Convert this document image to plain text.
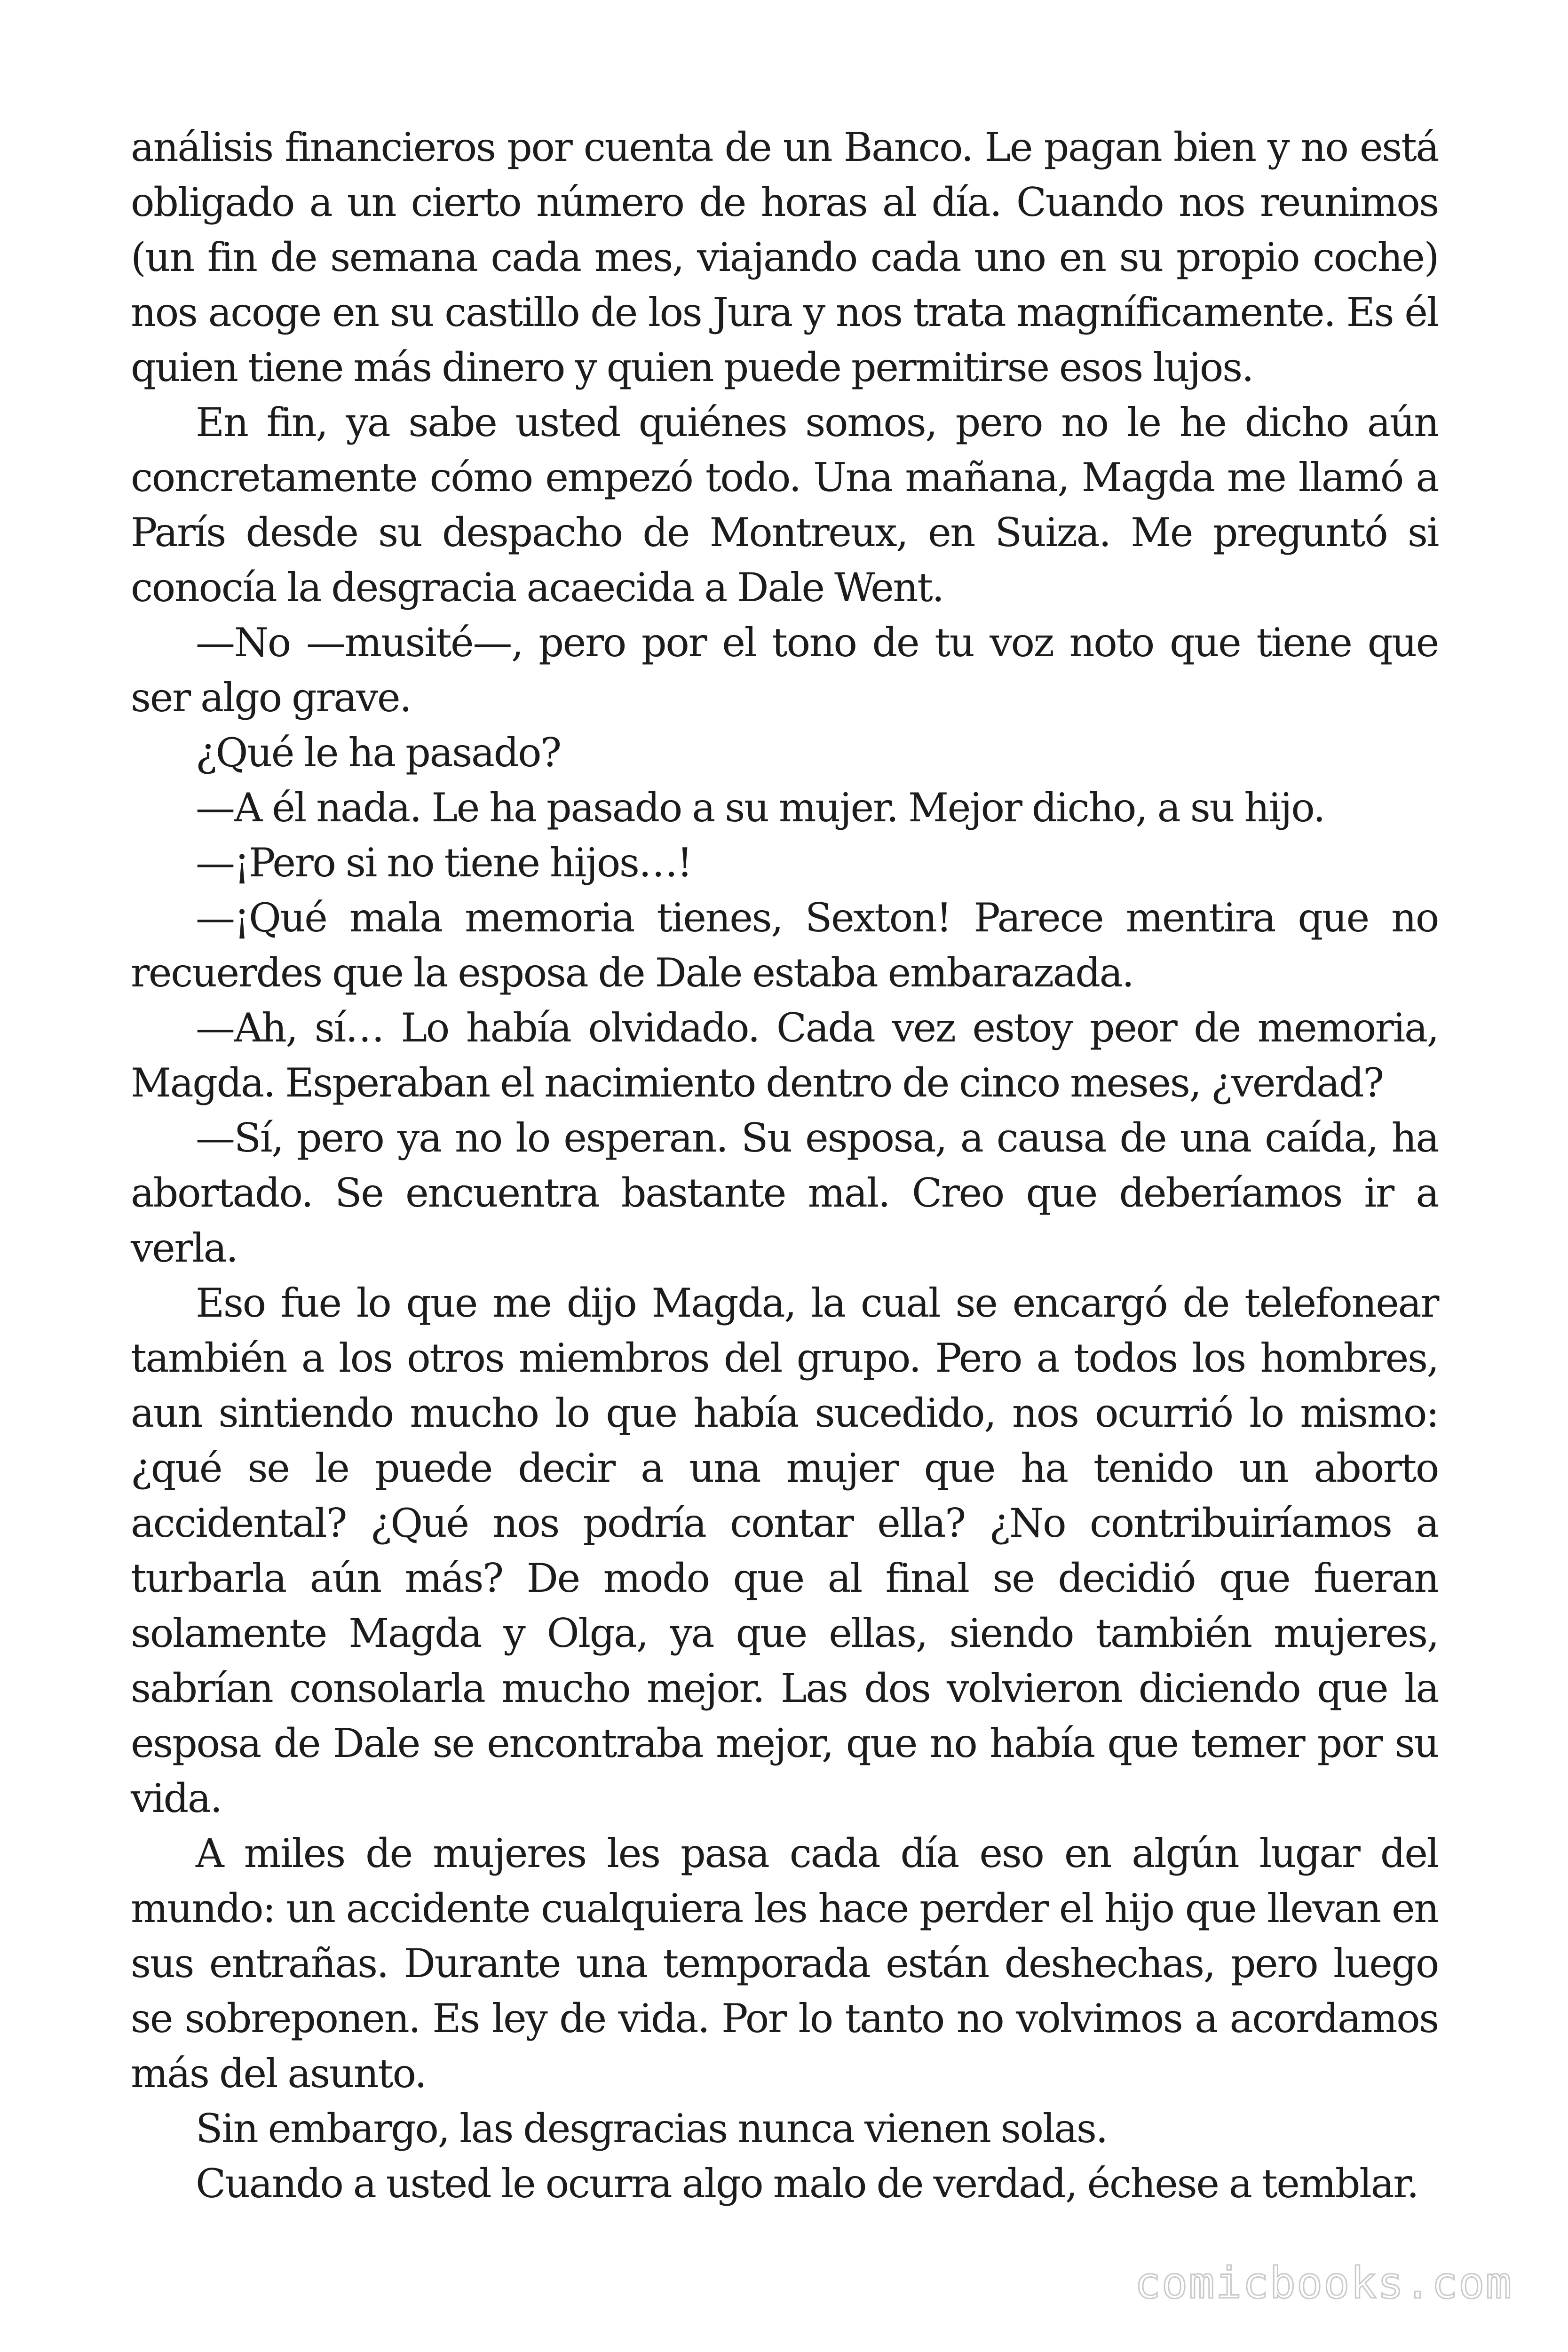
análisis financieros por cuenta de un Banco. Le pagan bien y no está obligado a un cierto número de horas al día. Cuando nos reunimos (un fin de semana cada mes, viajando cada uno en su propio coche) nos acoge en su castillo de los Jura y nos trata magníficamente. Es él quien tiene más dinero y quien puede permitirse esos lujos.

En fin, ya sabe usted quiénes somos, pero no le he dicho aún concretamente cómo empezó todo. Una mañana, Magda me llamó a París desde su despacho de Montreux, en Suiza. Me preguntó si conocía la desgracia acaecida a Dale Went.

—No —musité—, pero por el tono de tu voz noto que tiene que ser algo grave.

¿Qué le ha pasado?

—A él nada. Le ha pasado a su mujer. Mejor dicho, a su hijo.

—¡Pero si no tiene hijos…!

—¡Qué mala memoria tienes, Sexton! Parece mentira que no recuerdes que la esposa de Dale estaba embarazada.

—Ah, sí… Lo había olvidado. Cada vez estoy peor de memoria, Magda. Esperaban el nacimiento dentro de cinco meses, ¿verdad?

—Sí, pero ya no lo esperan. Su esposa, a causa de una caída, ha abortado. Se encuentra bastante mal. Creo que deberíamos ir a verla.

Eso fue lo que me dijo Magda, la cual se encargó de telefonear también a los otros miembros del grupo. Pero a todos los hombres, aun sintiendo mucho lo que había sucedido, nos ocurrió lo mismo: ¿qué se le puede decir a una mujer que ha tenido un aborto accidental? ¿Qué nos podría contar ella? ¿No contribuiríamos a turbarla aún más? De modo que al final se decidió que fueran solamente Magda y Olga, ya que ellas, siendo también mujeres, sabrían consolarla mucho mejor. Las dos volvieron diciendo que la esposa de Dale se encontraba mejor, que no había que temer por su vida.

A miles de mujeres les pasa cada día eso en algún lugar del mundo: un accidente cualquiera les hace perder el hijo que llevan en sus entrañas. Durante una temporada están deshechas, pero luego se sobreponen. Es ley de vida. Por lo tanto no volvimos a acordamos más del asunto.

Sin embargo, las desgracias nunca vienen solas.

Cuando a usted le ocurra algo malo de verdad, échese a temblar.

comicbooks.com
